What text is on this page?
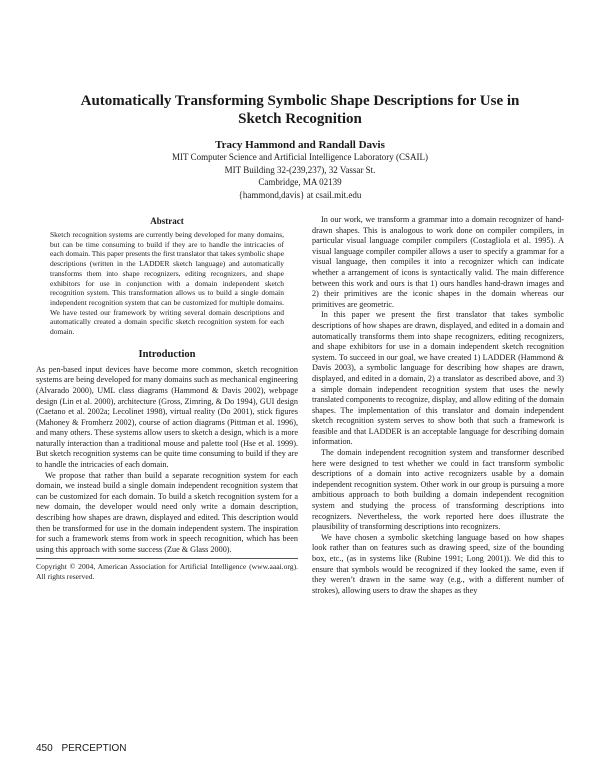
Automatically Transforming Symbolic Shape Descriptions for Use in Sketch Recognition
Tracy Hammond and Randall Davis
MIT Computer Science and Artificial Intelligence Laboratory (CSAIL)
MIT Building 32-(239,237), 32 Vassar St.
Cambridge, MA 02139
{hammond,davis} at csail.mit.edu
Abstract
Sketch recognition systems are currently being developed for many domains, but can be time consuming to build if they are to handle the intricacies of each domain. This paper presents the first translator that takes symbolic shape descriptions (written in the LADDER sketch language) and automatically transforms them into shape recognizers, editing recognizers, and shape exhibitors for use in conjunction with a domain independent sketch recognition system. This transformation allows us to build a single domain independent recognition system that can be customized for multiple domains. We have tested our framework by writing several domain descriptions and automatically created a domain specific sketch recognition system for each domain.
Introduction

As pen-based input devices have become more common, sketch recognition systems are being developed for many domains such as mechanical engineering (Alvarado 2000), UML class diagrams (Hammond & Davis 2002), webpage design (Lin et al. 2000), architecture (Gross, Zimring, & Do 1994), GUI design (Caetano et al. 2002a; Lecolinet 1998), virtual reality (Do 2001), stick figures (Mahoney & Fromherz 2002), course of action diagrams (Pittman et al. 1996), and many others. These systems allow users to sketch a design, which is a more naturally interaction than a traditional mouse and palette tool (Hse et al. 1999). But sketch recognition systems can be quite time consuming to build if they are to handle the intricacies of each domain.

We propose that rather than build a separate recognition system for each domain, we instead build a single domain independent recognition system that can be customized for each domain. To build a sketch recognition system for a new domain, the developer would need only write a domain description, describing how shapes are drawn, displayed and edited. This description would then be transformed for use in the domain independent system. The inspiration for such a framework stems from work in speech recognition, which has been using this approach with some success (Zue & Glass 2000).

Copyright © 2004, American Association for Artificial Intelligence (www.aaai.org). All rights reserved.

In our work, we transform a grammar into a domain recognizer of hand-drawn shapes. This is analogous to work done on compiler compilers, in particular visual language compiler compilers (Costagliola et al. 1995). A visual language compiler compiler allows a user to specify a grammar for a visual language, then compiles it into a recognizer which can indicate whether a arrangement of icons is syntactically valid. The main difference between this work and ours is that 1) ours handles hand-drawn images and 2) their primitives are the iconic shapes in the domain whereas our primitives are geometric.

In this paper we present the first translator that takes symbolic descriptions of how shapes are drawn, displayed, and edited in a domain and automatically transforms them into shape recognizers, editing recognizers, and shape exhibitors for use in a domain independent sketch recognition system. To succeed in our goal, we have created 1) LADDER (Hammond & Davis 2003), a symbolic language for describing how shapes are drawn, displayed, and edited in a domain, 2) a translator as described above, and 3) a simple domain independent recognition system that uses the newly translated components to recognize, display, and allow editing of the domain shapes. The implementation of this translator and domain independent sketch recognition system serves to show both that such a framework is feasible and that LADDER is an acceptable language for describing domain information.

The domain independent recognition system and transformer described here were designed to test whether we could in fact transform symbolic descriptions of a domain into active recognizers usable by a domain independent recognition system. Other work in our group is pursuing a more ambitious approach to both building a domain independent recognition system and studying the process of transforming descriptions into recognizers. Nevertheless, the work reported here does illustrate the plausibility of transforming descriptions into recognizers.

We have chosen a symbolic sketching language based on how shapes look rather than on features such as drawing speed, size of the bounding box, etc., (as in systems like (Rubine 1991; Long 2001)). We did this to ensure that symbols would be recognized if they looked the same, even if they weren’t drawn in the same way (e.g., with a different number of strokes), allowing users to draw the shapes as they

450 PERCEPTION
